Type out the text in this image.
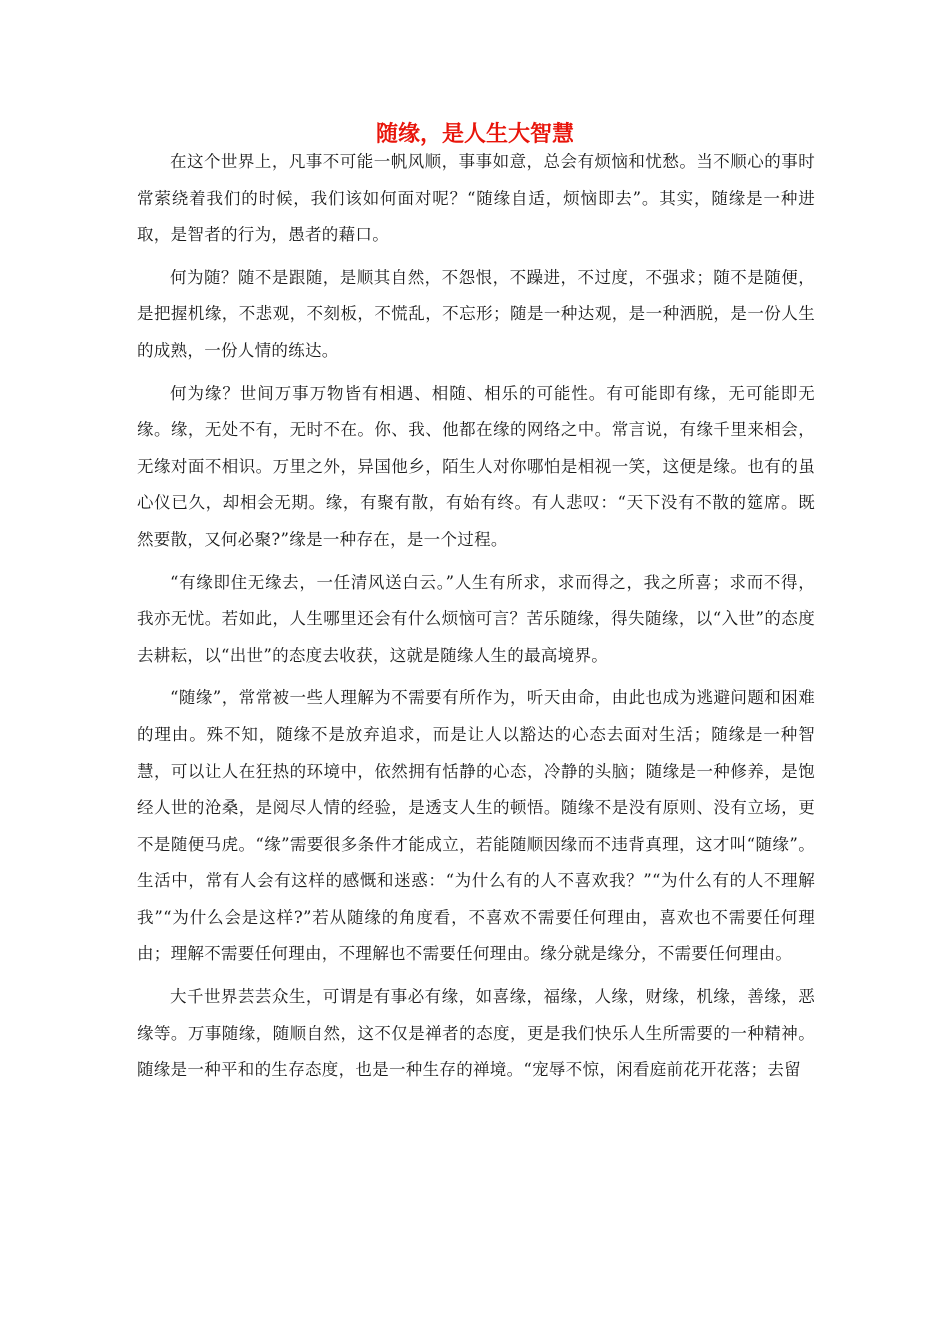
随缘，是人生大智慧

在这个世界上，凡事不可能一帆风顺，事事如意，总会有烦恼和忧愁。当不顺心的事时常萦绕着我们的时候，我们该如何面对呢？“随缘自适，烦恼即去”。其实，随缘是一种进取，是智者的行为，愚者的藉口。

何为随？随不是跟随，是顺其自然，不怨恨，不躁进，不过度，不强求；随不是随便，是把握机缘，不悲观，不刻板，不慌乱，不忘形；随是一种达观，是一种洒脱，是一份人生的成熟，一份人情的练达。

何为缘？世间万事万物皆有相遇、相随、相乐的可能性。有可能即有缘，无可能即无缘。缘，无处不有，无时不在。你、我、他都在缘的网络之中。常言说，有缘千里来相会，无缘对面不相识。万里之外，异国他乡，陌生人对你哪怕是相视一笑，这便是缘。也有的虽心仪已久，却相会无期。缘，有聚有散，有始有终。有人悲叹：“天下没有不散的筵席。既然要散，又何必聚?”缘是一种存在，是一个过程。

“有缘即住无缘去，一任清风送白云。”人生有所求，求而得之，我之所喜；求而不得，我亦无忧。若如此，人生哪里还会有什么烦恼可言？苦乐随缘，得失随缘，以“入世”的态度去耕耘，以“出世”的态度去收获，这就是随缘人生的最高境界。

“随缘”，常常被一些人理解为不需要有所作为，听天由命，由此也成为逃避问题和困难的理由。殊不知，随缘不是放弃追求，而是让人以豁达的心态去面对生活；随缘是一种智慧，可以让人在狂热的环境中，依然拥有恬静的心态，冷静的头脑；随缘是一种修养，是饱经人世的沧桑，是阅尽人情的经验，是透支人生的顿悟。随缘不是没有原则、没有立场，更不是随便马虎。“缘”需要很多条件才能成立，若能随顺因缘而不违背真理，这才叫“随缘”。生活中，常有人会有这样的感慨和迷惑：“为什么有的人不喜欢我？”“为什么有的人不理解我”“为什么会是这样?”若从随缘的角度看，不喜欢不需要任何理由，喜欢也不需要任何理由；理解不需要任何理由，不理解也不需要任何理由。缘分就是缘分，不需要任何理由。

大千世界芸芸众生，可谓是有事必有缘，如喜缘，福缘，人缘，财缘，机缘，善缘，恶缘等。万事随缘，随顺自然，这不仅是禅者的态度，更是我们快乐人生所需要的一种精神。随缘是一种平和的生存态度，也是一种生存的禅境。“宠辱不惊，闲看庭前花开花落；去留
